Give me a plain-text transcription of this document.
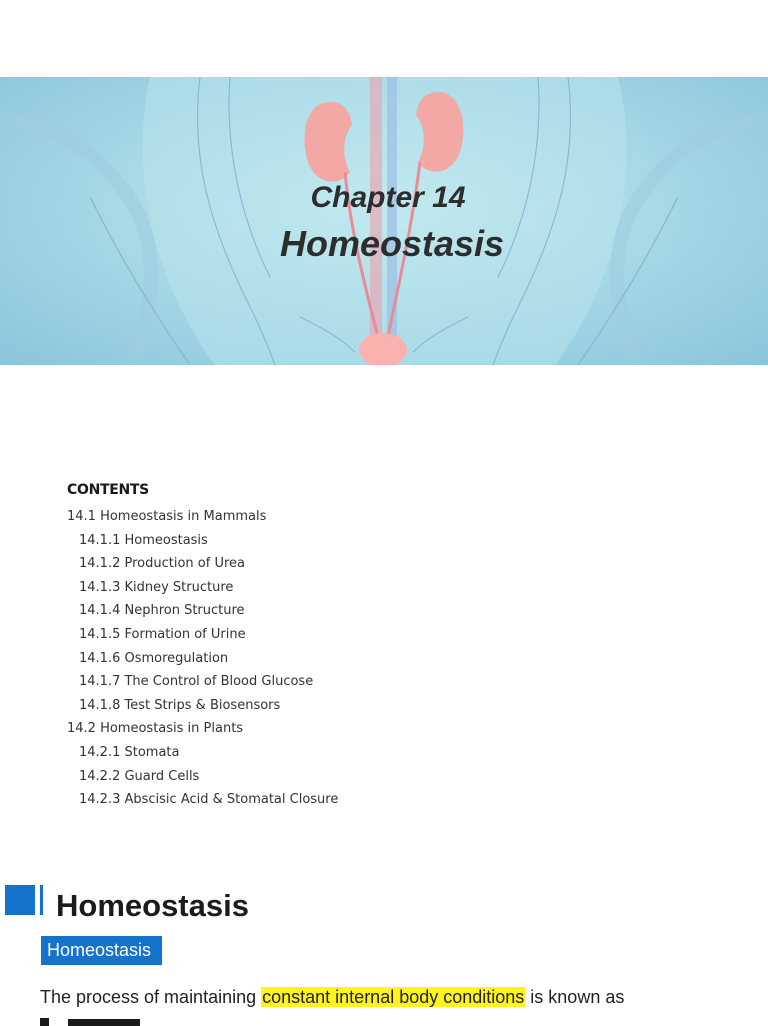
Chapter 14
Homeostasis
CONTENTS
14.1 Homeostasis in Mammals
14.1.1 Homeostasis
14.1.2 Production of Urea
14.1.3 Kidney Structure
14.1.4 Nephron Structure
14.1.5 Formation of Urine
14.1.6 Osmoregulation
14.1.7 The Control of Blood Glucose
14.1.8 Test Strips & Biosensors
14.2 Homeostasis in Plants
14.2.1 Stomata
14.2.2 Guard Cells
14.2.3 Abscisic Acid & Stomatal Closure
Homeostasis
Homeostasis
The process of maintaining constant internal body conditions is known as
